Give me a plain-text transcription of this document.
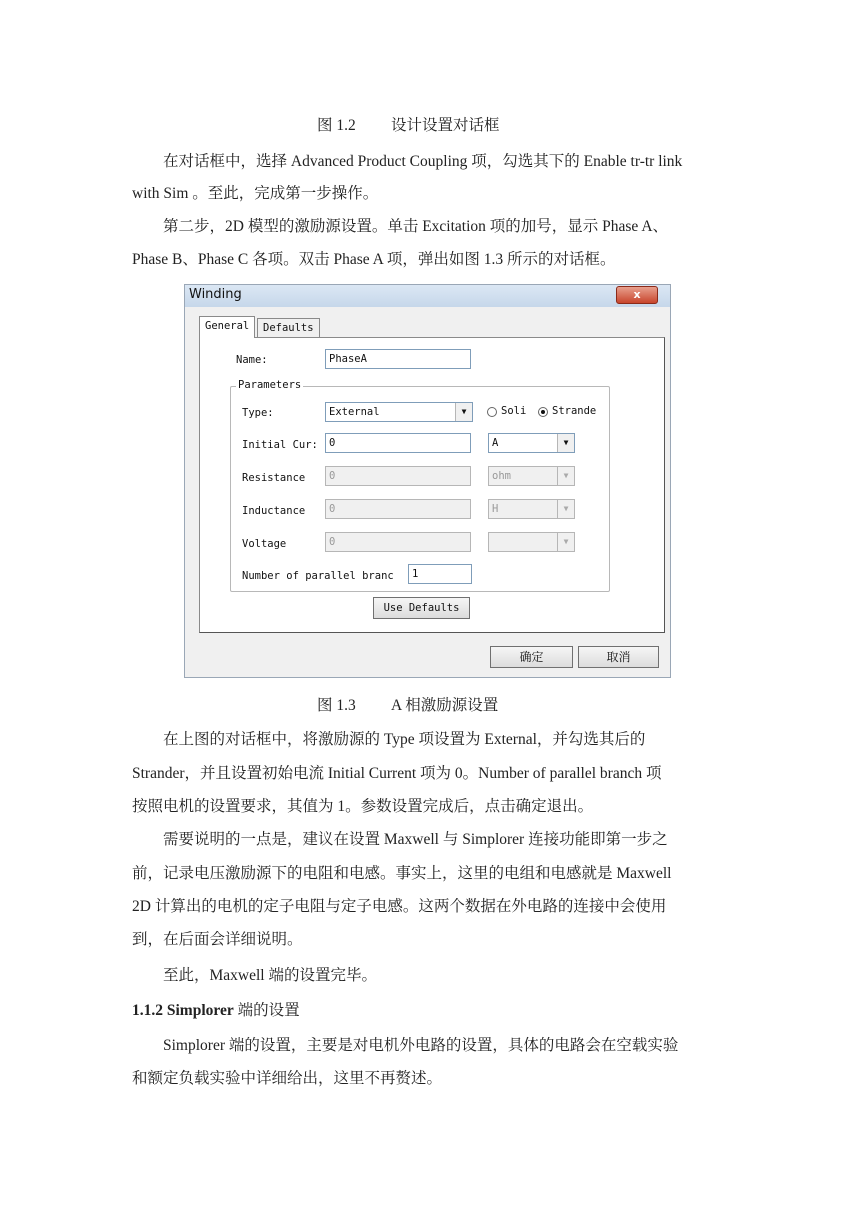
图 1.2 设计设置对话框
在对话框中，选择 Advanced Product Coupling 项，勾选其下的 Enable tr-tr link
with Sim 。至此，完成第一步操作。
第二步，2D 模型的激励源设置。单击 Excitation 项的加号，显示 Phase A、
Phase B、Phase C 各项。双击 Phase A 项，弹出如图 1.3 所示的对话框。
Winding	x
General	Defaults
Name:	PhaseA
Parameters
Type:	External	▼	Soli	Strande
Initial Cur:	0	A	▼
Resistance	0	ohm	▼
Inductance	0	H	▼
Voltage	0	▼
Number of parallel branc	1
Use Defaults
确定	取消
图 1.3 A 相激励源设置
在上图的对话框中，将激励源的 Type 项设置为 External，并勾选其后的
Strander，并且设置初始电流 Initial Current 项为 0。Number of parallel branch 项
按照电机的设置要求，其值为 1。参数设置完成后，点击确定退出。
需要说明的一点是，建议在设置 Maxwell 与 Simplorer 连接功能即第一步之
前，记录电压激励源下的电阻和电感。事实上，这里的电组和电感就是 Maxwell
2D 计算出的电机的定子电阻与定子电感。这两个数据在外电路的连接中会使用
到，在后面会详细说明。
至此，Maxwell 端的设置完毕。
1.1.2 Simplorer 端的设置
Simplorer 端的设置，主要是对电机外电路的设置，具体的电路会在空载实验
和额定负载实验中详细给出，这里不再赘述。
